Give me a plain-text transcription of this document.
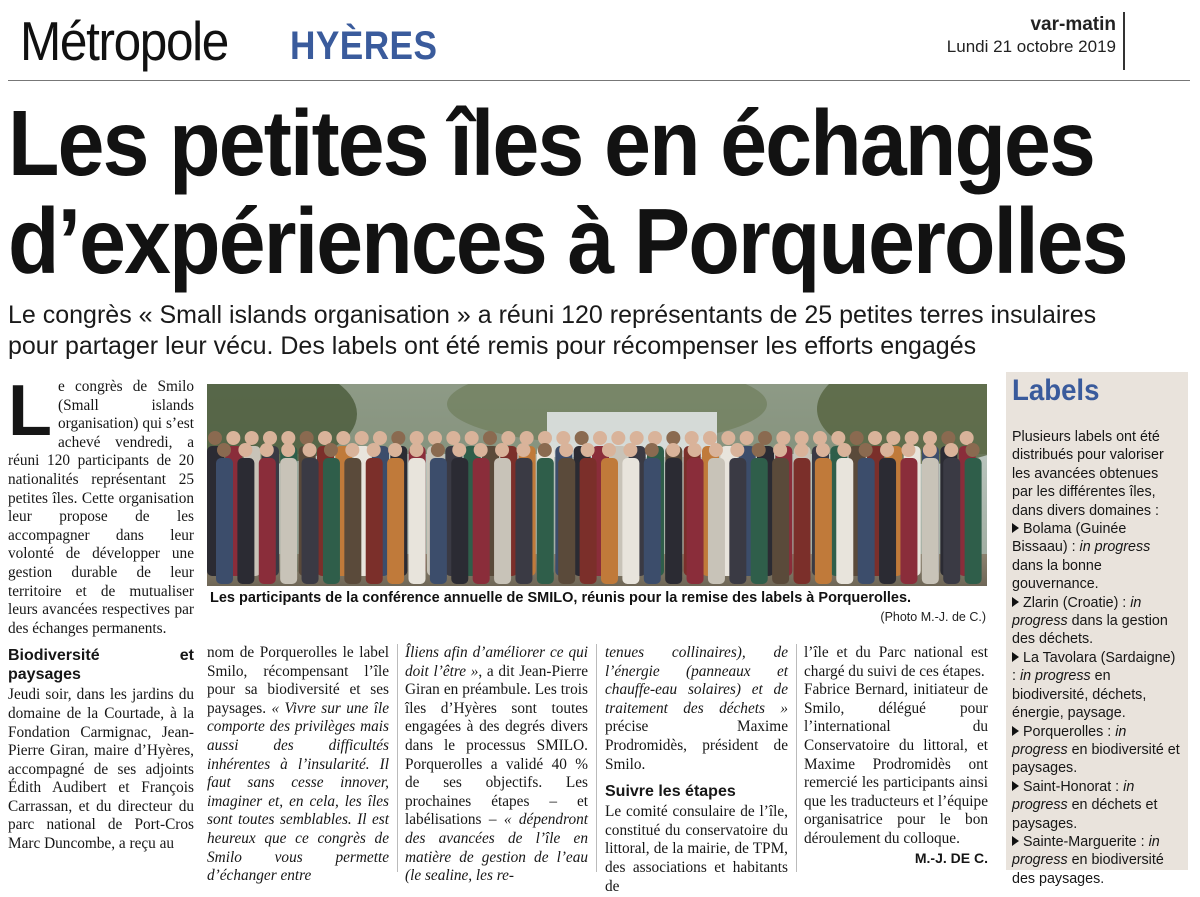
Métropole HYÈRES	var-matin
Lundi 21 octobre 2019
Les petites îles en échanges
d’expériences à Porquerolles
Le congrès « Small islands organisation » a réuni 120 représentants de 25 petites terres insulaires
pour partager leur vécu. Des labels ont été remis pour récompenser les efforts engagés
L e congrès de Smilo (Small islands organisation) qui s’est achevé vendredi, a réuni 120 participants de 20 nationalités représentant 25 petites îles. Cette organisation leur propose de les accompagner dans leur volonté de développer une gestion durable de leur territoire et de mutualiser leurs avancées respectives par des échanges permanents.

Biodiversité et paysages

Jeudi soir, dans les jardins du domaine de la Courtade, à la Fondation Carmignac, Jean-Pierre Giran, maire d’Hyères, accompagné de ses adjoints Édith Audibert et François Carrassan, et du directeur du parc national de Port-Cros Marc Duncombe, a reçu au

Les participants de la conférence annuelle de SMILO, réunis pour la remise des labels à Porquerolles.
(Photo M.-J. de C.)

nom de Porquerolles le label Smilo, récompensant l’île pour sa biodiversité et ses paysages. « Vivre sur une île comporte des privilèges mais aussi des difficultés inhérentes à l’insularité. Il faut sans cesse innover, imaginer et, en cela, les îles sont toutes semblables. Il est heureux que ce congrès de Smilo vous permette d’échanger entre

Îliens afin d’améliorer ce qui doit l’être », a dit Jean-Pierre Giran en préambule. Les trois îles d’Hyères sont toutes engagées à des degrés divers dans le processus SMILO. Porquerolles a validé 40 % de ses objectifs. Les prochaines étapes – et labélisations – « dépendront des avancées de l’île en matière de gestion de l’eau (le sealine, les re-

tenues collinaires), de l’énergie (panneaux et chauffe-eau solaires) et de traitement des déchets » précise Maxime Prodromidès, président de Smilo.

Suivre les étapes

Le comité consulaire de l’île, constitué du conservatoire du littoral, de la mairie, de TPM, des associations et habitants de

l’île et du Parc national est chargé du suivi de ces étapes.

Fabrice Bernard, initiateur de Smilo, délégué pour l’international du Conservatoire du littoral, et Maxime Prodromidès ont remercié les participants ainsi que les traducteurs et l’équipe organisatrice pour le bon déroulement du colloque.

M.-J. DE C.
Labels

Plusieurs labels ont été distribués pour valoriser les avancées obtenues par les différentes îles, dans divers domaines :

Bolama (Guinée Bissaau) : in progress dans la bonne gouvernance.

Zlarin (Croatie) : in progress dans la gestion des déchets.

La Tavolara (Sardaigne) : in progress en biodiversité, déchets, énergie, paysage.

Porquerolles : in progress en biodiversité et paysages.

Saint-Honorat : in progress en déchets et paysages.

Sainte-Marguerite : in progress en biodiversité des paysages.
